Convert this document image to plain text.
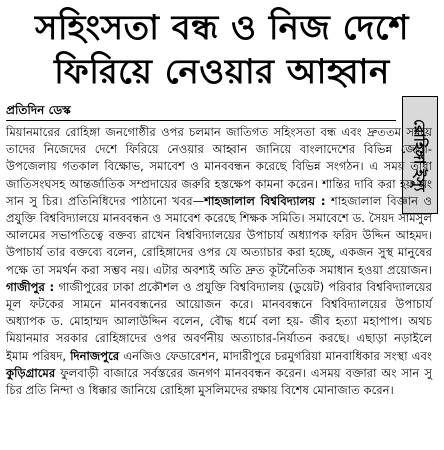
সহিংসতা বন্ধ ও নিজ দেশে
ফিরিয়ে নেওয়ার আহ্বান
প্রতিদিন ডেস্ক
রোহিঙ্গা ইস্যু

মিয়ানমারের রোহিঙ্গা জনগোষ্ঠীর ওপর চলমান জাতিগত সহিংসতা বন্ধ এবং দ্রুততম সময়ে তাদের নিজেদের দেশে ফিরিয়ে নেওয়ার আহ্বান জানিয়ে বাংলাদেশের বিভিন্ন জেলা-উপজেলায় গতকাল বিক্ষোভ, সমাবেশ ও মানববন্ধন করেছে বিভিন্ন সংগঠন। এ সময় তারা জাতিসংঘসহ আন্তর্জাতিক সম্প্রদায়ের জরুরি হস্তক্ষেপ কামনা করেন। শান্তির দাবি করা হয় অং সান সু চির। প্রতিনিধিদের পাঠানো খবর—শাহজালাল বিশ্ববিদ্যালয় : শাহজালাল বিজ্ঞান ও প্রযুক্তি বিশ্ববিদ্যালয়ে মানববন্ধন ও সমাবেশ করেছে শিক্ষক সমিতি। সমাবেশে ড. সৈয়দ সামসুল আলমের সভাপতিত্বে বক্তব্য রাখেন বিশ্ববিদ্যালয়ের উপাচার্য অধ্যাপক ফরিদ উদ্দিন আহমদ। উপাচার্য তার বক্তব্যে বলেন, রোহিঙ্গাদের ওপর যে অত্যাচার করা হচ্ছে, একজন সুস্থ মানুষের পক্ষে তা সমর্থন করা সম্ভব নয়। এটার অবশ্যই অতি দ্রুত কূটনৈতিক সমাধান হওয়া প্রয়োজন। গাজীপুর : গাজীপুরের ঢাকা প্রকৌশল ও প্রযুক্তি বিশ্ববিদ্যালয় (ডুয়েট) পরিবার বিশ্ববিদ্যালয়ের মূল ফটকের সামনে মানববন্ধনের আয়োজন করে। মানববন্ধনে বিশ্ববিদ্যালয়ের উপাচার্য অধ্যাপক ড. মোহাম্মদ আলাউদ্দিন বলেন, বৌদ্ধ ধর্মে বলা হয়- জীব হত্যা মহাপাপ। অথচ মিয়ানমার সরকার রোহিঙ্গাদের ওপর অবর্ণনীয় অত্যাচার-নির্যাতন করছে। এছাড়া নড়াইলে ইমাম পরিষদ, দিনাজপুরে এনজিও ফেডারেশন, মাদারীপুরে চরমুগরিয়া মানবাধিকার সংস্থা এবং কুড়িগ্রামের ফুলবাড়ী বাজারে সর্বস্তরের জনগণ মানববন্ধন করেন। এসময় বক্তারা অং সান সু চির প্রতি নিন্দা ও ধিক্কার জানিয়ে রোহিঙ্গা মুসলিমদের রক্ষায় বিশেষ মোনাজাত করেন।
